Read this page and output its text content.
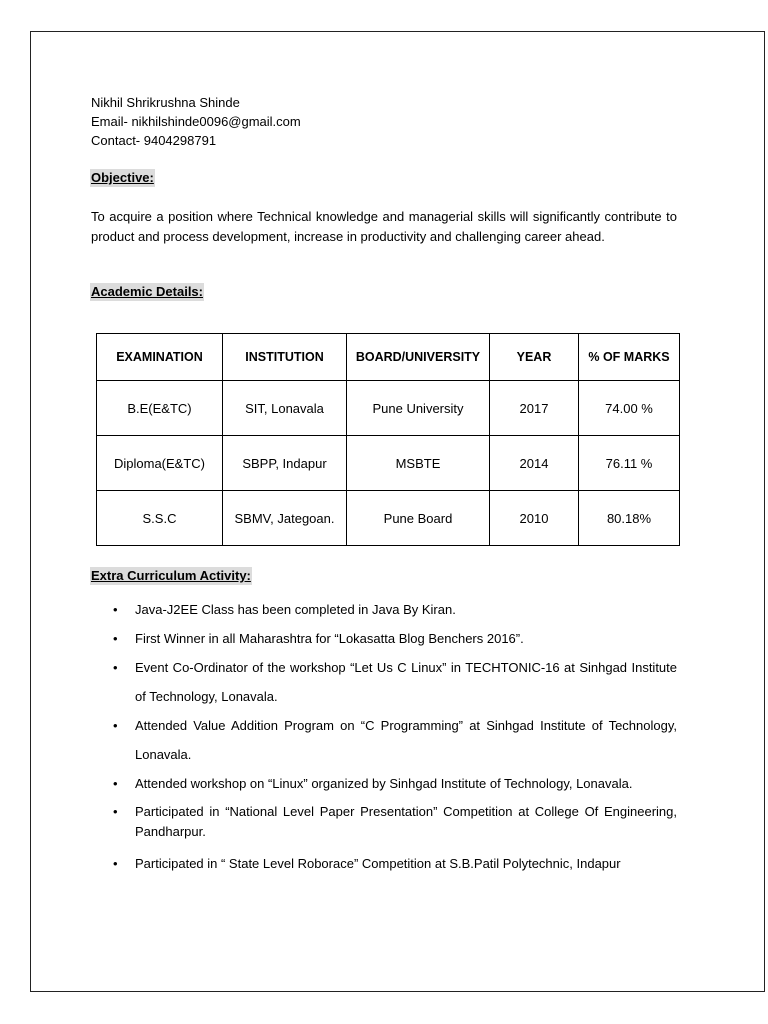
Nikhil Shrikrushna Shinde
Email- nikhilshinde0096@gmail.com
Contact- 9404298791
Objective:
To acquire a position where Technical knowledge and managerial skills will significantly contribute to product and process development, increase in productivity and challenging career ahead.
Academic Details:
EXAMINATION	INSTITUTION	BOARD/UNIVERSITY	YEAR	% OF MARKS
B.E(E&TC)	SIT, Lonavala	Pune University	2017	74.00 %
Diploma(E&TC)	SBPP, Indapur	MSBTE	2014	76.11 %
S.S.C	SBMV, Jategoan.	Pune Board	2010	80.18%
Extra Curriculum Activity:
• Java-J2EE Class has been completed in Java By Kiran.
• First Winner in all Maharashtra for “Lokasatta Blog Benchers 2016”.
• Event Co-Ordinator of the workshop “Let Us C Linux” in TECHTONIC-16 at Sinhgad Institute of Technology, Lonavala.
• Attended Value Addition Program on “C Programming” at Sinhgad Institute of Technology, Lonavala.
• Attended workshop on “Linux” organized by Sinhgad Institute of Technology, Lonavala.
• Participated in “National Level Paper Presentation” Competition at College Of Engineering, Pandharpur.
• Participated in “ State Level Roborace” Competition at S.B.Patil Polytechnic, Indapur
